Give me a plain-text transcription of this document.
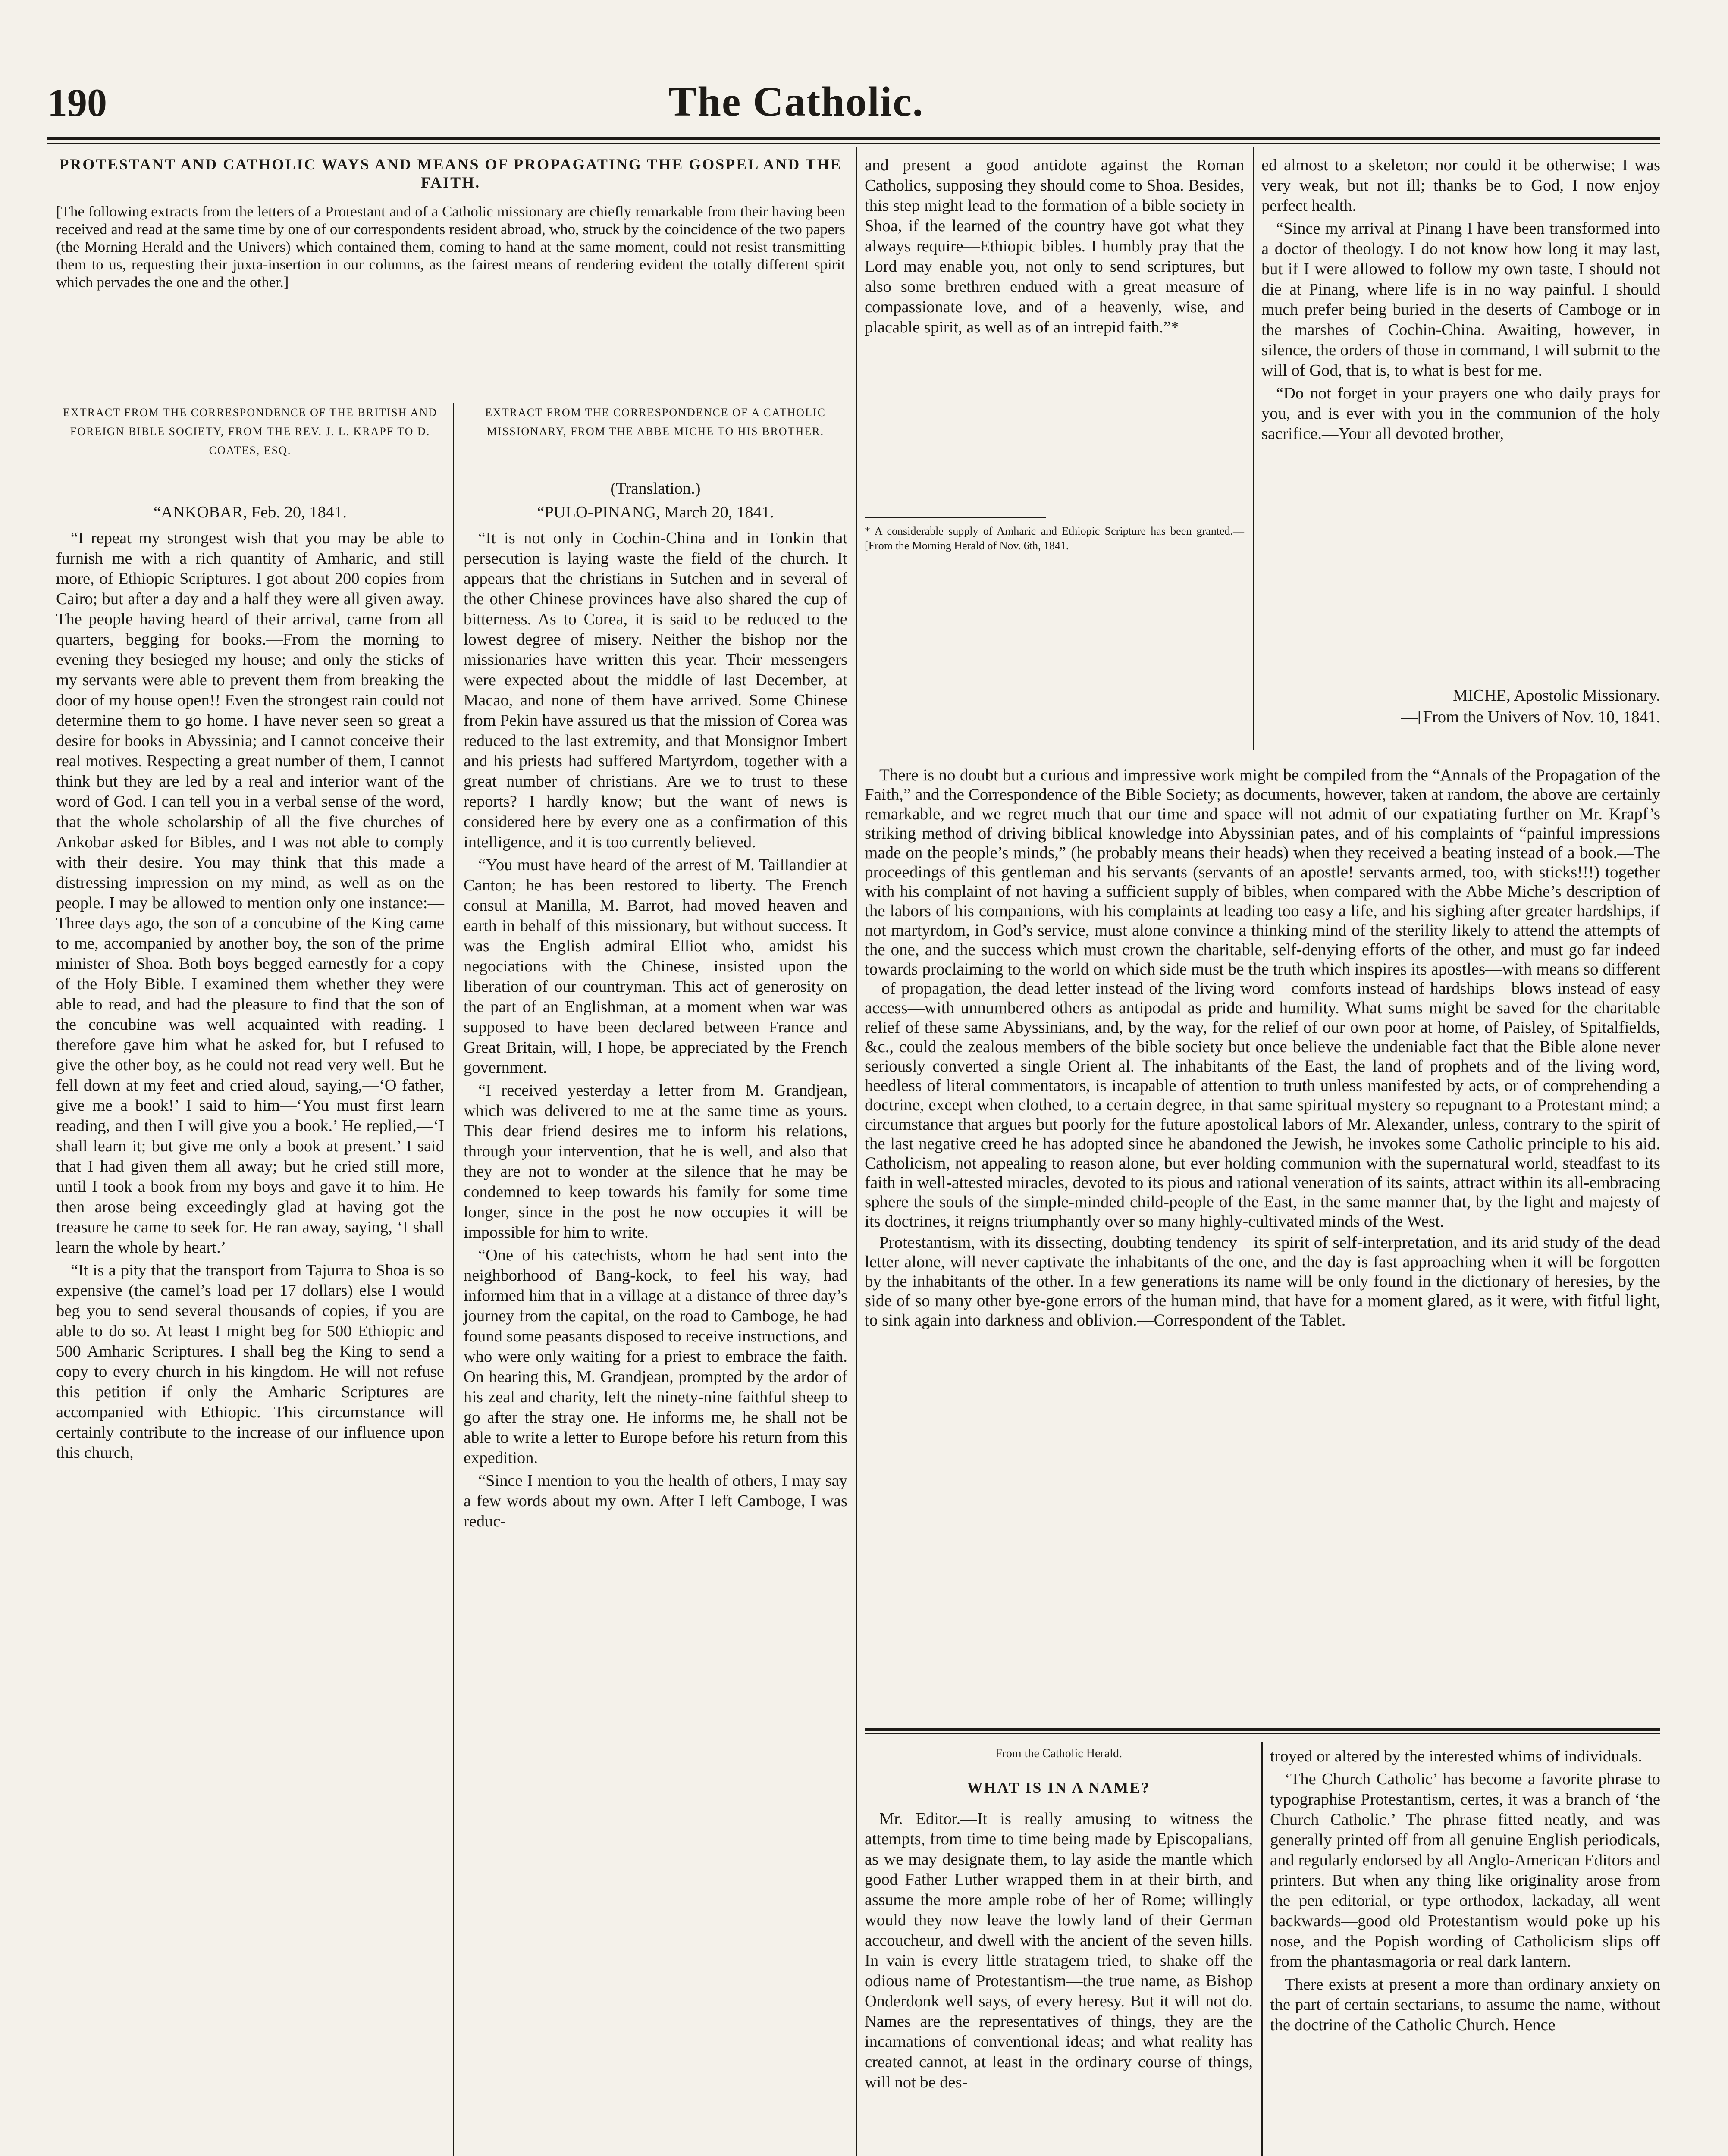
190	The Catholic.
PROTESTANT AND CATHOLIC WAYS AND MEANS OF PROPAGATING THE GOSPEL AND THE FAITH.
[The following extracts from the letters of a Protestant and of a Catholic missionary are chiefly remarkable from their having been received and read at the same time by one of our correspondents resident abroad, who, struck by the coincidence of the two papers (the Morning Herald and the Univers) which contained them, coming to hand at the same moment, could not resist transmitting them to us, requesting their juxta-insertion in our columns, as the fairest means of rendering evident the totally different spirit which pervades the one and the other.]
EXTRACT FROM THE CORRESPONDENCE OF THE BRITISH AND FOREIGN BIBLE SOCIETY, FROM THE REV. J. L. KRAPF TO D. COATES, ESQ.
“ANKOBAR, Feb. 20, 1841.

“I repeat my strongest wish that you may be able to furnish me with a rich quantity of Amharic, and still more, of Ethiopic Scriptures. I got about 200 copies from Cairo; but after a day and a half they were all given away. The people having heard of their arrival, came from all quarters, begging for books.—From the morning to evening they besieged my house; and only the sticks of my servants were able to prevent them from breaking the door of my house open!! Even the strongest rain could not determine them to go home. I have never seen so great a desire for books in Abyssinia; and I cannot conceive their real motives. Respecting a great number of them, I cannot think but they are led by a real and interior want of the word of God. I can tell you in a verbal sense of the word, that the whole scholarship of all the five churches of Ankobar asked for Bibles, and I was not able to comply with their desire. You may think that this made a distressing impression on my mind, as well as on the people. I may be allowed to mention only one instance:—Three days ago, the son of a concubine of the King came to me, accompanied by another boy, the son of the prime minister of Shoa. Both boys begged earnestly for a copy of the Holy Bible. I examined them whether they were able to read, and had the pleasure to find that the son of the concubine was well acquainted with reading. I therefore gave him what he asked for, but I refused to give the other boy, as he could not read very well. But he fell down at my feet and cried aloud, saying,—‘O father, give me a book!’ I said to him—‘You must first learn reading, and then I will give you a book.’ He replied,—‘I shall learn it; but give me only a book at present.’ I said that I had given them all away; but he cried still more, until I took a book from my boys and gave it to him. He then arose being exceedingly glad at having got the treasure he came to seek for. He ran away, saying, ‘I shall learn the whole by heart.’

“It is a pity that the transport from Tajurra to Shoa is so expensive (the camel’s load per 17 dollars) else I would beg you to send several thousands of copies, if you are able to do so. At least I might beg for 500 Ethiopic and 500 Amharic Scriptures. I shall beg the King to send a copy to every church in his kingdom. He will not refuse this petition if only the Amharic Scriptures are accompanied with Ethiopic. This circumstance will certainly contribute to the increase of our influence upon this church,

EXTRACT FROM THE CORRESPONDENCE OF A CATHOLIC MISSIONARY, FROM THE ABBE MICHE TO HIS BROTHER.
(Translation.)
“PULO-PINANG, March 20, 1841.

“It is not only in Cochin-China and in Tonkin that persecution is laying waste the field of the church. It appears that the christians in Sutchen and in several of the other Chinese provinces have also shared the cup of bitterness. As to Corea, it is said to be reduced to the lowest degree of misery. Neither the bishop nor the missionaries have written this year. Their messengers were expected about the middle of last December, at Macao, and none of them have arrived. Some Chinese from Pekin have assured us that the mission of Corea was reduced to the last extremity, and that Monsignor Imbert and his priests had suffered Martyrdom, together with a great number of christians. Are we to trust to these reports? I hardly know; but the want of news is considered here by every one as a confirmation of this intelligence, and it is too currently believed.

“You must have heard of the arrest of M. Taillandier at Canton; he has been restored to liberty. The French consul at Manilla, M. Barrot, had moved heaven and earth in behalf of this missionary, but without success. It was the English admiral Elliot who, amidst his negociations with the Chinese, insisted upon the liberation of our countryman. This act of generosity on the part of an Englishman, at a moment when war was supposed to have been declared between France and Great Britain, will, I hope, be appreciated by the French government.

“I received yesterday a letter from M. Grandjean, which was delivered to me at the same time as yours. This dear friend desires me to inform his relations, through your intervention, that he is well, and also that they are not to wonder at the silence that he may be condemned to keep towards his family for some time longer, since in the post he now occupies it will be impossible for him to write.

“One of his catechists, whom he had sent into the neighborhood of Bang-kock, to feel his way, had informed him that in a village at a distance of three day’s journey from the capital, on the road to Camboge, he had found some peasants disposed to receive instructions, and who were only waiting for a priest to embrace the faith. On hearing this, M. Grandjean, prompted by the ardor of his zeal and charity, left the ninety-nine faithful sheep to go after the stray one. He informs me, he shall not be able to write a letter to Europe before his return from this expedition.

“Since I mention to you the health of others, I may say a few words about my own. After I left Camboge, I was reduc-

and present a good antidote against the Roman Catholics, supposing they should come to Shoa. Besides, this step might lead to the formation of a bible society in Shoa, if the learned of the country have got what they always require—Ethiopic bibles. I humbly pray that the Lord may enable you, not only to send scriptures, but also some brethren endued with a great measure of compassionate love, and of a heavenly, wise, and placable spirit, as well as of an intrepid faith.”*

* A considerable supply of Amharic and Ethiopic Scripture has been granted.—[From the Morning Herald of Nov. 6th, 1841.

ed almost to a skeleton; nor could it be otherwise; I was very weak, but not ill; thanks be to God, I now enjoy perfect health.

“Since my arrival at Pinang I have been transformed into a doctor of theology. I do not know how long it may last, but if I were allowed to follow my own taste, I should not die at Pinang, where life is in no way painful. I should much prefer being buried in the deserts of Camboge or in the marshes of Cochin-China. Awaiting, however, in silence, the orders of those in command, I will submit to the will of God, that is, to what is best for me.

“Do not forget in your prayers one who daily prays for you, and is ever with you in the communion of the holy sacrifice.—Your all devoted brother,

MICHE, Apostolic Missionary.
—[From the Univers of Nov. 10, 1841.

There is no doubt but a curious and impressive work might be compiled from the “Annals of the Propagation of the Faith,” and the Correspondence of the Bible Society; as documents, however, taken at random, the above are certainly remarkable, and we regret much that our time and space will not admit of our expatiating further on Mr. Krapf’s striking method of driving biblical knowledge into Abyssinian pates, and of his complaints of “painful impressions made on the people’s minds,” (he probably means their heads) when they received a beating instead of a book.—The proceedings of this gentleman and his servants (servants of an apostle! servants armed, too, with sticks!!!) together with his complaint of not having a sufficient supply of bibles, when compared with the Abbe Miche’s description of the labors of his companions, with his complaints at leading too easy a life, and his sighing after greater hardships, if not martyrdom, in God’s service, must alone convince a thinking mind of the sterility likely to attend the attempts of the one, and the success which must crown the charitable, self-denying efforts of the other, and must go far indeed towards proclaiming to the world on which side must be the truth which inspires its apostles—with means so different—of propagation, the dead letter instead of the living word—comforts instead of hardships—blows instead of easy access—with unnumbered others as antipodal as pride and humility. What sums might be saved for the charitable relief of these same Abyssinians, and, by the way, for the relief of our own poor at home, of Paisley, of Spitalfields, &c., could the zealous members of the bible society but once believe the undeniable fact that the Bible alone never seriously converted a single Orient al. The inhabitants of the East, the land of prophets and of the living word, heedless of literal commentators, is incapable of attention to truth unless manifested by acts, or of comprehending a doctrine, except when clothed, to a certain degree, in that same spiritual mystery so repugnant to a Protestant mind; a circumstance that argues but poorly for the future apostolical labors of Mr. Alexander, unless, contrary to the spirit of the last negative creed he has adopted since he abandoned the Jewish, he invokes some Catholic principle to his aid. Catholicism, not appealing to reason alone, but ever holding communion with the supernatural world, steadfast to its faith in well-attested miracles, devoted to its pious and rational veneration of its saints, attract within its all-embracing sphere the souls of the simple-minded child-people of the East, in the same manner that, by the light and majesty of its doctrines, it reigns triumphantly over so many highly-cultivated minds of the West.

Protestantism, with its dissecting, doubting tendency—its spirit of self-interpretation, and its arid study of the dead letter alone, will never captivate the inhabitants of the one, and the day is fast approaching when it will be forgotten by the inhabitants of the other. In a few generations its name will be only found in the dictionary of heresies, by the side of so many other bye-gone errors of the human mind, that have for a moment glared, as it were, with fitful light, to sink again into darkness and oblivion.—Correspondent of the Tablet.

From the Catholic Herald.
WHAT IS IN A NAME?

Mr. Editor.—It is really amusing to witness the attempts, from time to time being made by Episcopalians, as we may designate them, to lay aside the mantle which good Father Luther wrapped them in at their birth, and assume the more ample robe of her of Rome; willingly would they now leave the lowly land of their German accoucheur, and dwell with the ancient of the seven hills. In vain is every little stratagem tried, to shake off the odious name of Protestantism—the true name, as Bishop Onderdonk well says, of every heresy. But it will not do. Names are the representatives of things, they are the incarnations of conventional ideas; and what reality has created cannot, at least in the ordinary course of things, will not be des-

troyed or altered by the interested whims of individuals.

‘The Church Catholic’ has become a favorite phrase to typographise Protestantism, certes, it was a branch of ‘the Church Catholic.’ The phrase fitted neatly, and was generally printed off from all genuine English periodicals, and regularly endorsed by all Anglo-American Editors and printers. But when any thing like originality arose from the pen editorial, or type orthodox, lackaday, all went backwards—good old Protestantism would poke up his nose, and the Popish wording of Catholicism slips off from the phantasmagoria or real dark lantern.

There exists at present a more than ordinary anxiety on the part of certain sectarians, to assume the name, without the doctrine of the Catholic Church. Hence
